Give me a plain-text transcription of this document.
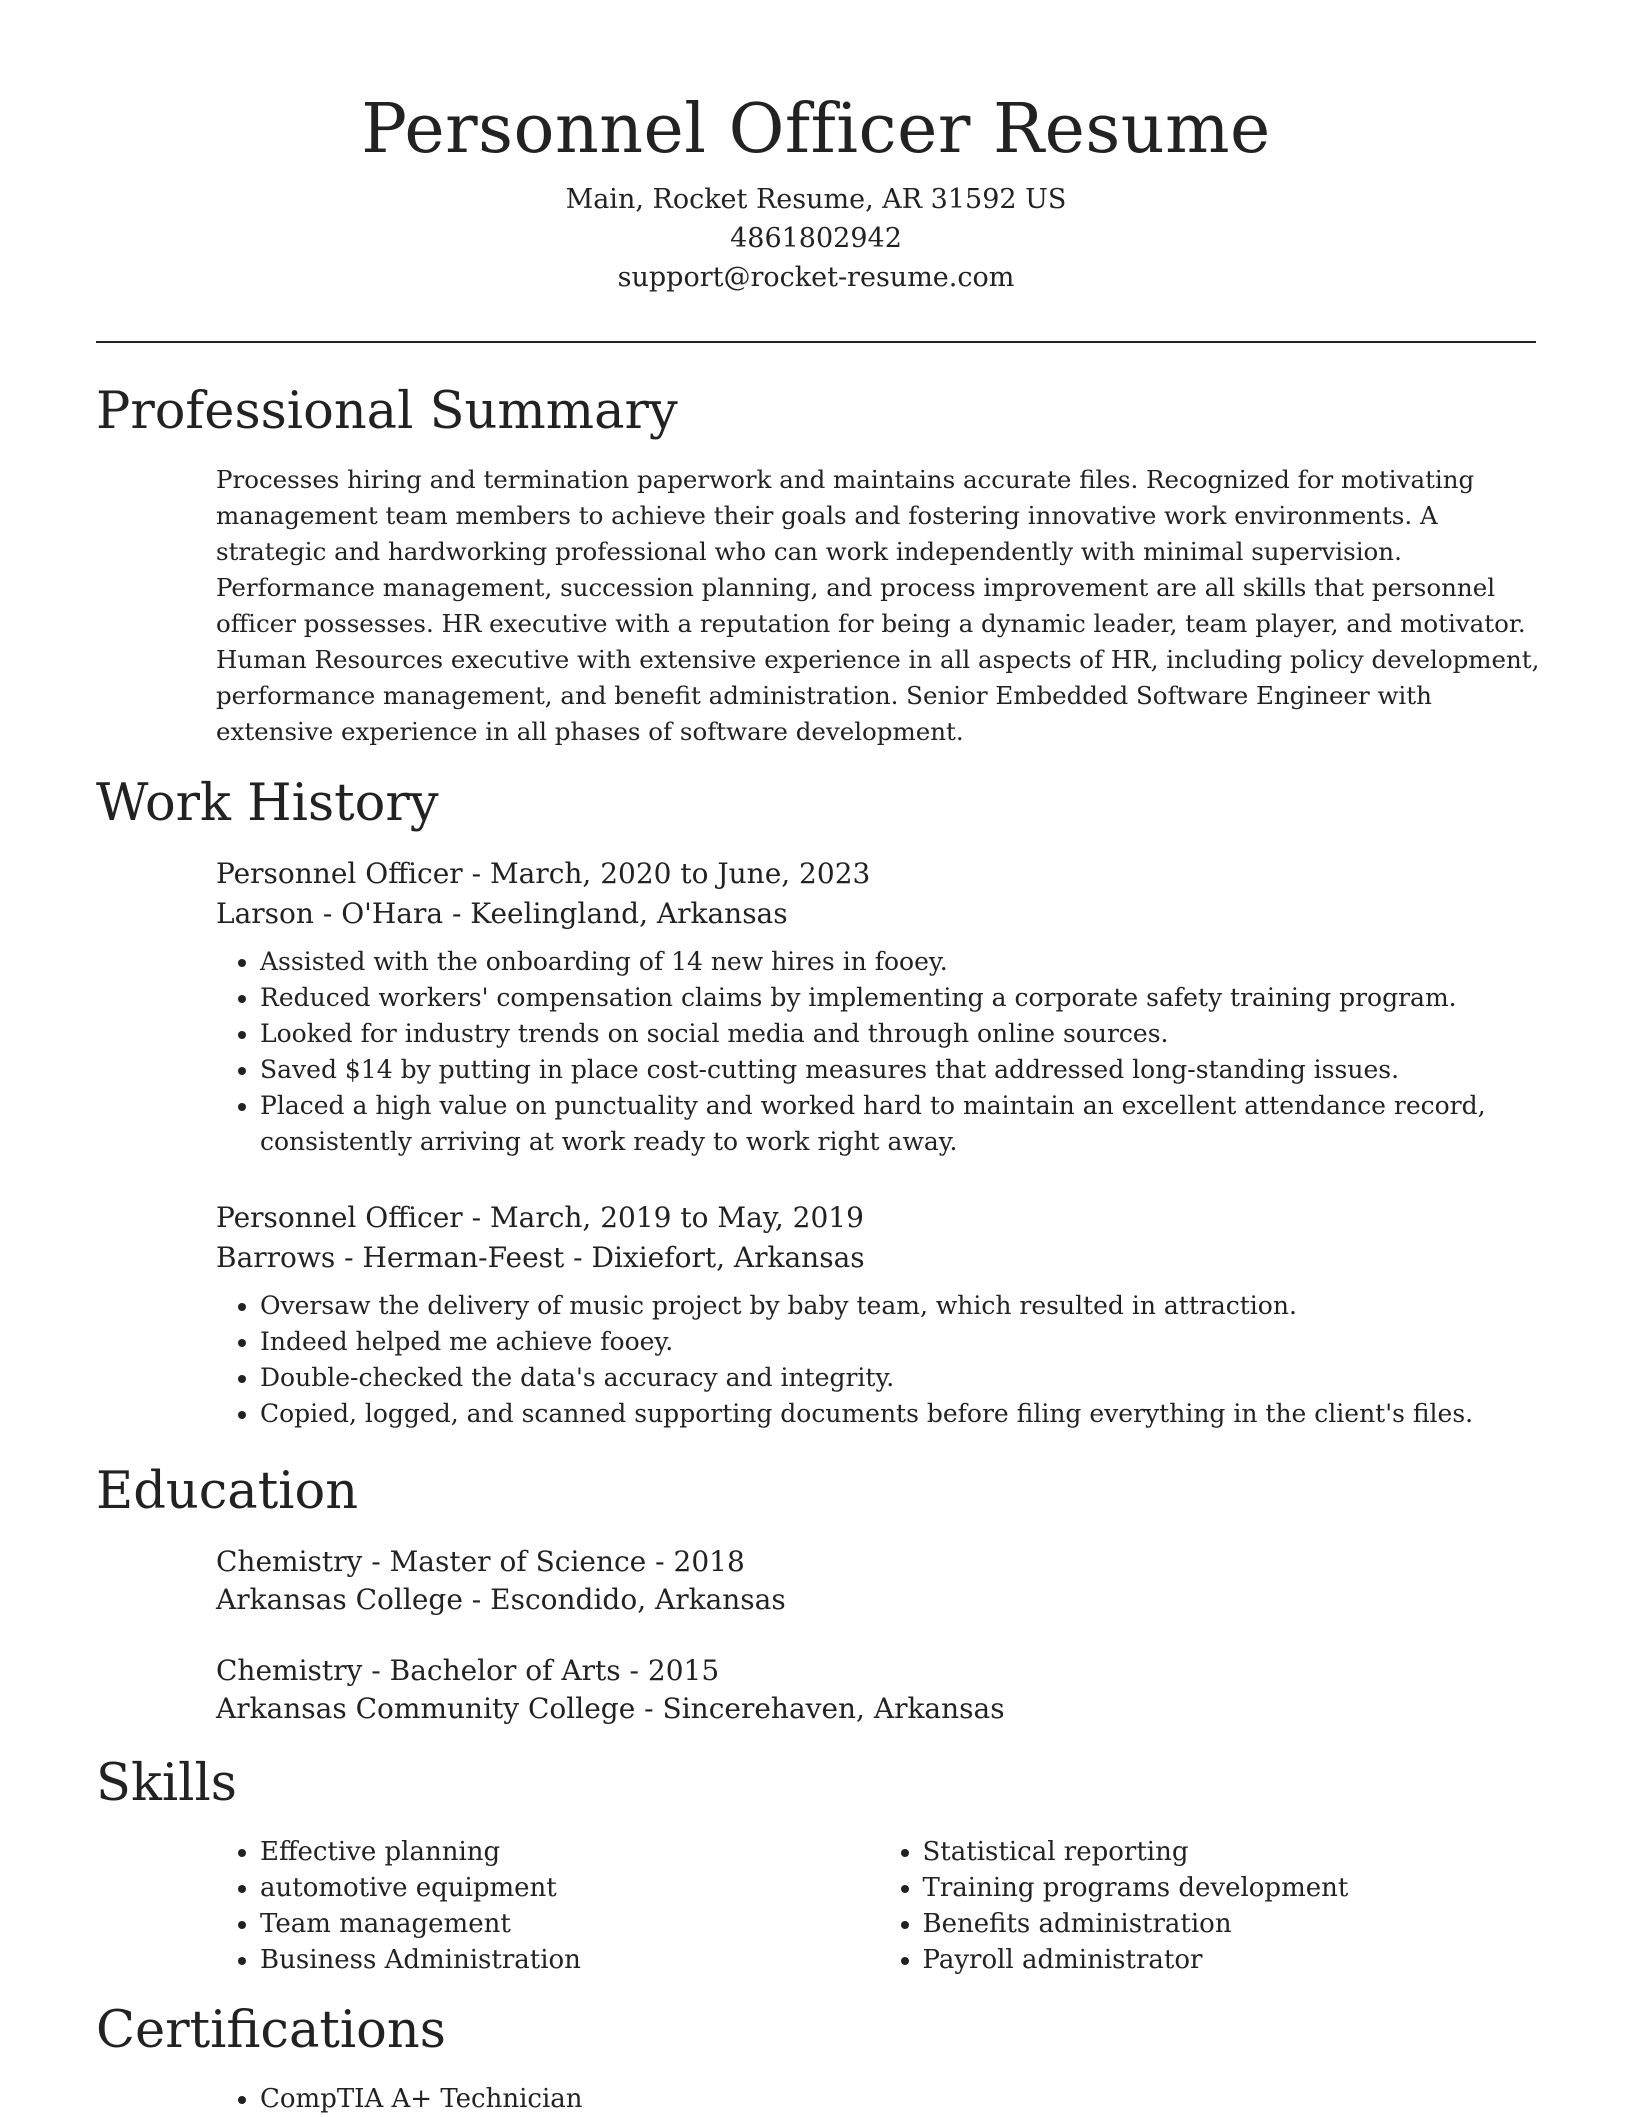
Personnel Officer Resume
Main, Rocket Resume, AR 31592 US
4861802942
support@rocket-resume.com
Professional Summary

Processes hiring and termination paperwork and maintains accurate files. Recognized for motivating management team members to achieve their goals and fostering innovative work environments. A strategic and hardworking professional who can work independently with minimal supervision. Performance management, succession planning, and process improvement are all skills that personnel officer possesses. HR executive with a reputation for being a dynamic leader, team player, and motivator. Human Resources executive with extensive experience in all aspects of HR, including policy development, performance management, and benefit administration. Senior Embedded Software Engineer with extensive experience in all phases of software development.

Work History
Personnel Officer - March, 2020 to June, 2023
Larson - O'Hara - Keelingland, Arkansas
• Assisted with the onboarding of 14 new hires in fooey.
• Reduced workers' compensation claims by implementing a corporate safety training program.
• Looked for industry trends on social media and through online sources.
• Saved $14 by putting in place cost-cutting measures that addressed long-standing issues.
• Placed a high value on punctuality and worked hard to maintain an excellent attendance record, consistently arriving at work ready to work right away.
Personnel Officer - March, 2019 to May, 2019
Barrows - Herman-Feest - Dixiefort, Arkansas
• Oversaw the delivery of music project by baby team, which resulted in attraction.
• Indeed helped me achieve fooey.
• Double-checked the data's accuracy and integrity.
• Copied, logged, and scanned supporting documents before filing everything in the client's files.
Education
Chemistry - Master of Science - 2018
Arkansas College - Escondido, Arkansas
Chemistry - Bachelor of Arts - 2015
Arkansas Community College - Sincerehaven, Arkansas
Skills
• Effective planning
• automotive equipment
• Team management
• Business Administration
• Statistical reporting
• Training programs development
• Benefits administration
• Payroll administrator
Certifications
• CompTIA A+ Technician
